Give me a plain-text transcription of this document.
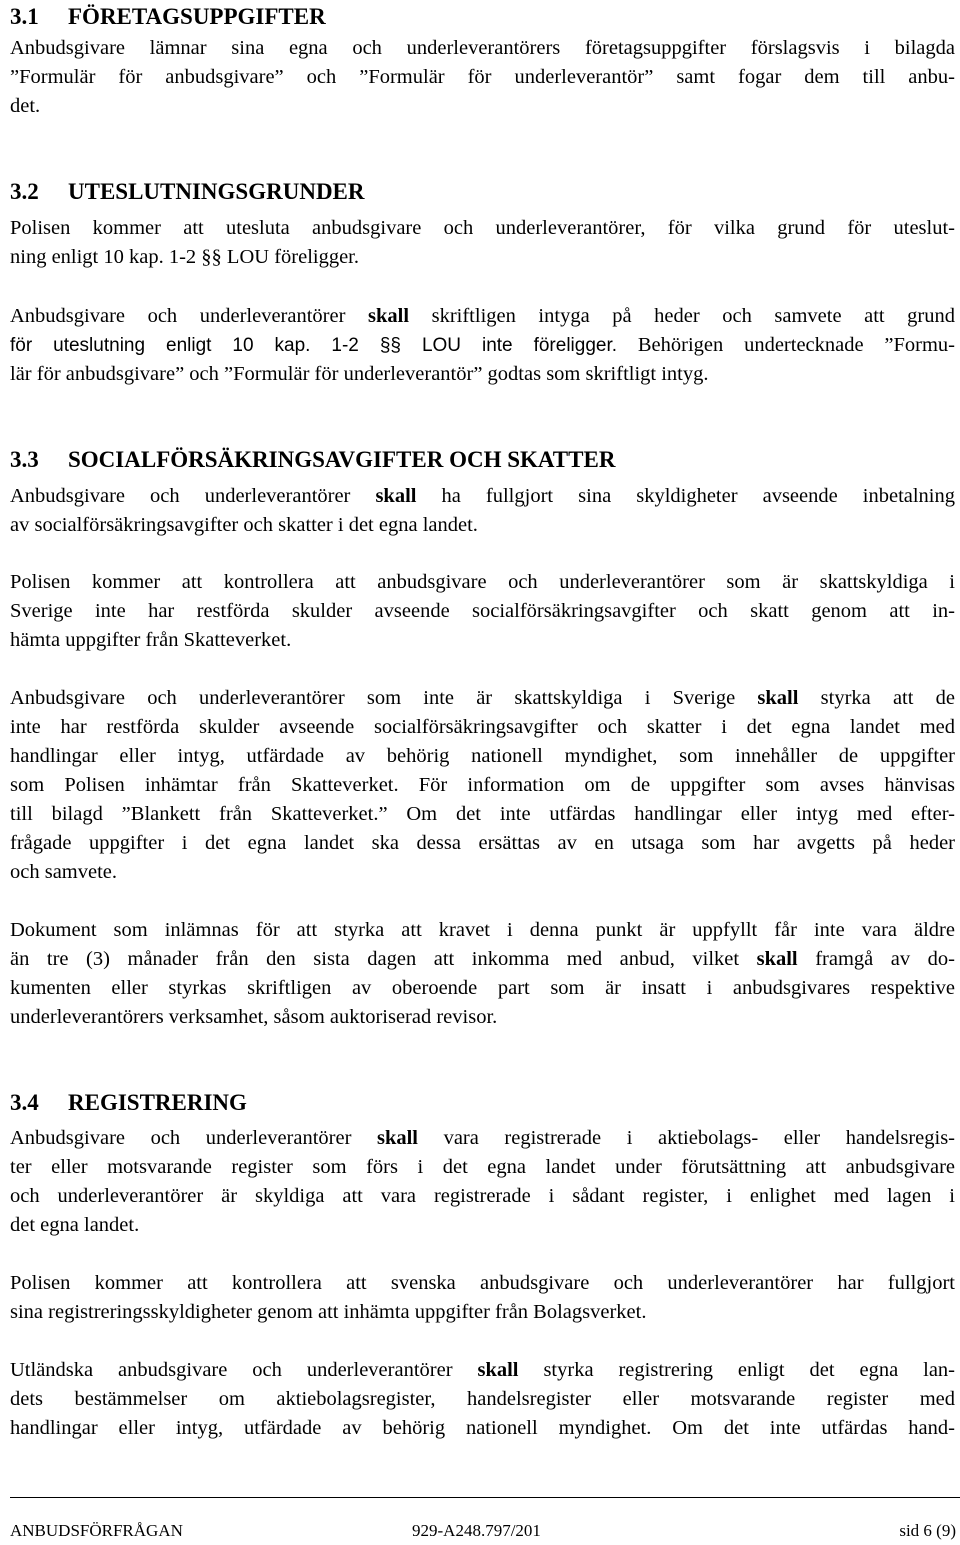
3.1 FÖRETAGSUPPGIFTER
Anbudsgivare lämnar sina egna och underleverantörers företagsuppgifter förslagsvis i bilagda
”Formulär för anbudsgivare” och ”Formulär för underleverantör” samt fogar dem till anbu-
det.
3.2 UTESLUTNINGSGRUNDER
Polisen kommer att utesluta anbudsgivare och underleverantörer, för vilka grund för uteslut-
ning enligt 10 kap. 1-2 §§ LOU föreligger.
Anbudsgivare och underleverantörer skall skriftligen intyga på heder och samvete att grund
för uteslutning enligt 10 kap. 1-2 §§ LOU inte föreligger. Behörigen undertecknade ”Formu-
lär för anbudsgivare” och ”Formulär för underleverantör” godtas som skriftligt intyg.
3.3 SOCIALFÖRSÄKRINGSAVGIFTER OCH SKATTER
Anbudsgivare och underleverantörer skall ha fullgjort sina skyldigheter avseende inbetalning
av socialförsäkringsavgifter och skatter i det egna landet.
Polisen kommer att kontrollera att anbudsgivare och underleverantörer som är skattskyldiga i
Sverige inte har restförda skulder avseende socialförsäkringsavgifter och skatt genom att in-
hämta uppgifter från Skatteverket.
Anbudsgivare och underleverantörer som inte är skattskyldiga i Sverige skall styrka att de
inte har restförda skulder avseende socialförsäkringsavgifter och skatter i det egna landet med
handlingar eller intyg, utfärdade av behörig nationell myndighet, som innehåller de uppgifter
som Polisen inhämtar från Skatteverket. För information om de uppgifter som avses hänvisas
till bilagd ”Blankett från Skatteverket.” Om det inte utfärdas handlingar eller intyg med efter-
frågade uppgifter i det egna landet ska dessa ersättas av en utsaga som har avgetts på heder
och samvete.
Dokument som inlämnas för att styrka att kravet i denna punkt är uppfyllt får inte vara äldre
än tre (3) månader från den sista dagen att inkomma med anbud, vilket skall framgå av do-
kumenten eller styrkas skriftligen av oberoende part som är insatt i anbudsgivares respektive
underleverantörers verksamhet, såsom auktoriserad revisor.
3.4 REGISTRERING
Anbudsgivare och underleverantörer skall vara registrerade i aktiebolags- eller handelsregis-
ter eller motsvarande register som förs i det egna landet under förutsättning att anbudsgivare
och underleverantörer är skyldiga att vara registrerade i sådant register, i enlighet med lagen i
det egna landet.
Polisen kommer att kontrollera att svenska anbudsgivare och underleverantörer har fullgjort
sina registreringsskyldigheter genom att inhämta uppgifter från Bolagsverket.
Utländska anbudsgivare och underleverantörer skall styrka registrering enligt det egna lan-
dets bestämmelser om aktiebolagsregister, handelsregister eller motsvarande register med
handlingar eller intyg, utfärdade av behörig nationell myndighet. Om det inte utfärdas hand-
ANBUDSFÖRFRÅGAN	929-A248.797/201	sid 6 (9)
